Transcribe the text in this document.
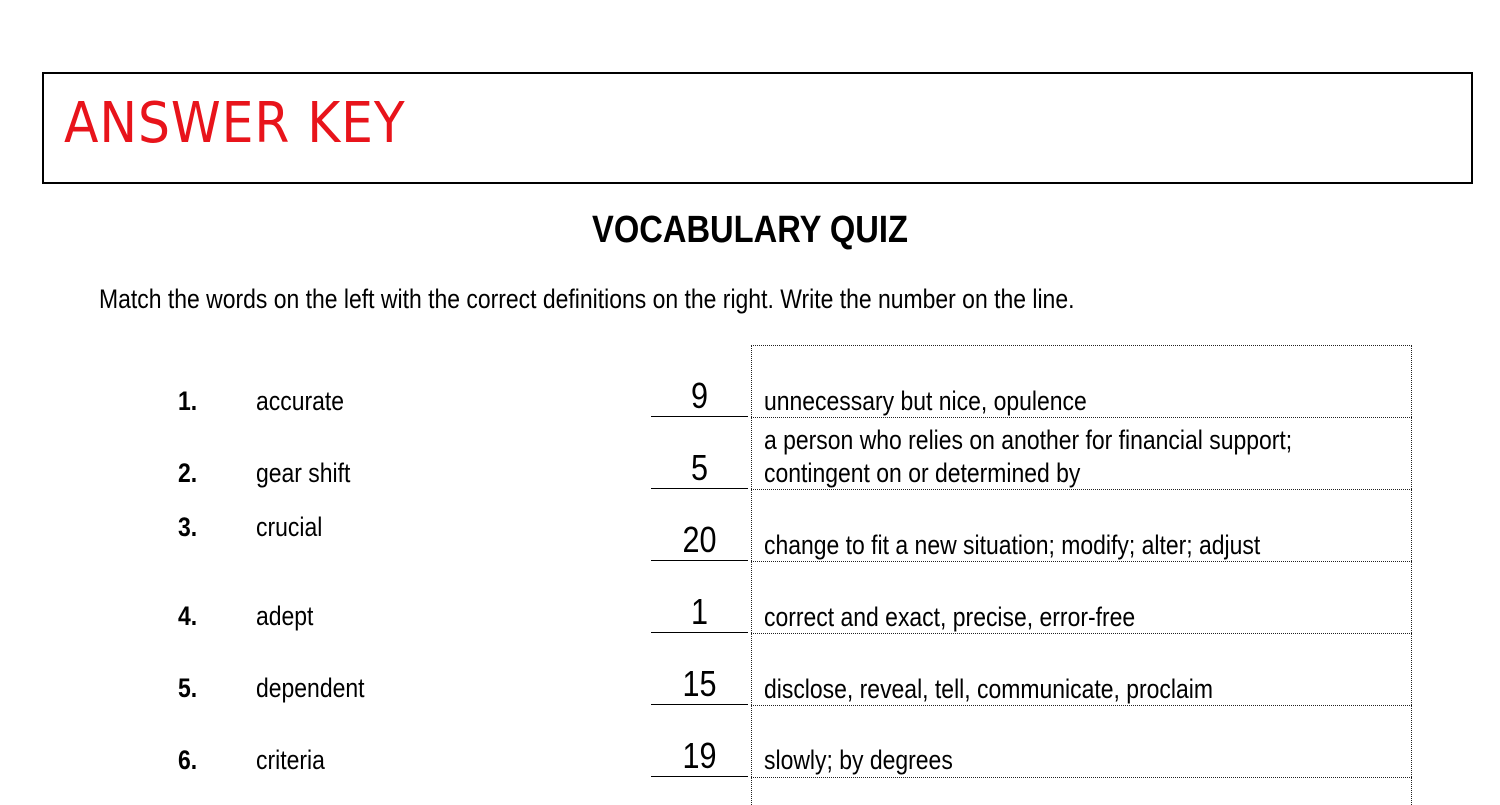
ANSWER KEY
VOCABULARY QUIZ
Match the words on the left with the correct definitions on the right. Write the number on the line.
1. accurate
2. gear shift
3. crucial
4. adept
5. dependent
6. criteria
9
5
20
1
15
19
unnecessary but nice, opulence
a person who relies on another for financial support;
contingent on or determined by
change to fit a new situation; modify; alter; adjust
correct and exact, precise, error-free
disclose, reveal, tell, communicate, proclaim
slowly; by degrees
